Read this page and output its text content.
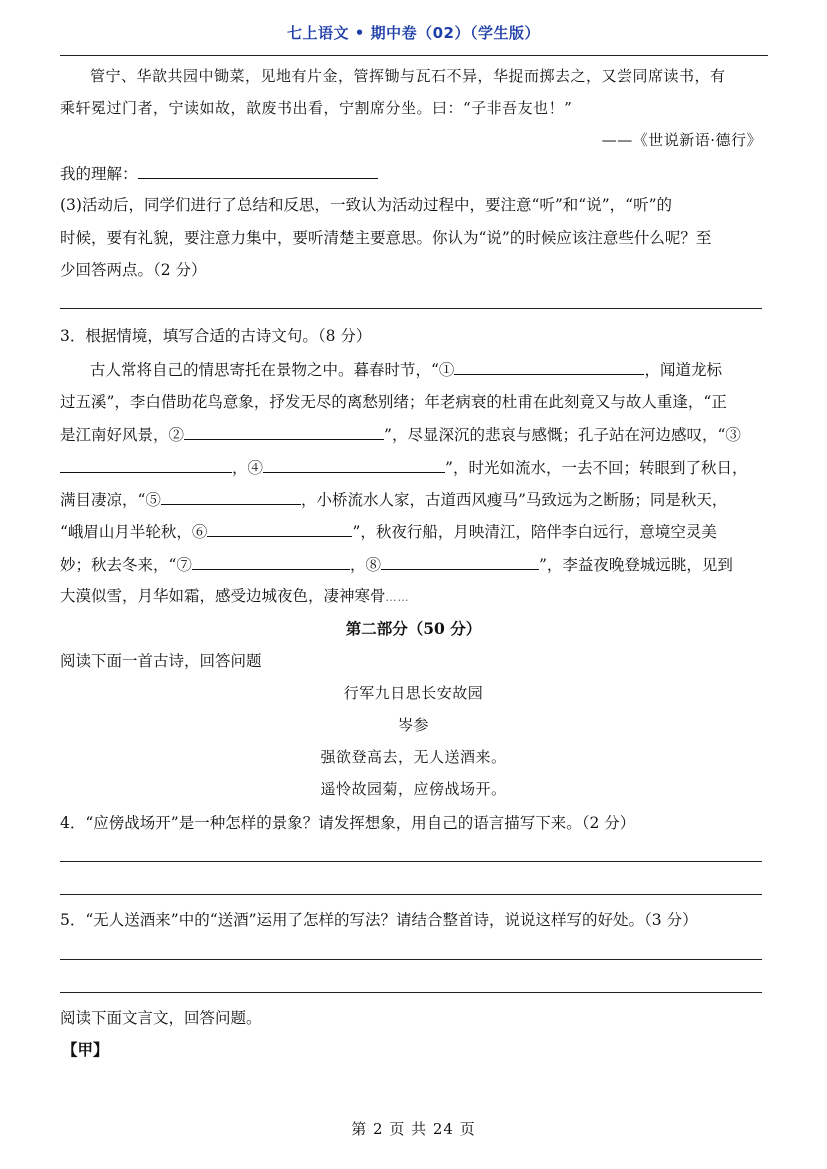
七上语文 • 期中卷（02）（学生版）
管宁、华歆共园中锄菜，见地有片金，管挥锄与瓦石不异，华捉而掷去之，又尝同席读书，有
乘轩冕过门者，宁读如故，歆废书出看，宁割席分坐。曰：“子非吾友也！”
——《世说新语·德行》
我的理解：
(3)活动后，同学们进行了总结和反思，一致认为活动过程中，要注意“听”和“说”，“听”的
时候，要有礼貌，要注意力集中，要听清楚主要意思。你认为“说”的时候应该注意些什么呢？至
少回答两点。（2 分）
3．根据情境，填写合适的古诗文句。（8 分）
古人常将自己的情思寄托在景物之中。暮春时节，“①	，闻道龙标
过五溪”，李白借助花鸟意象，抒发无尽的离愁别绪；年老病衰的杜甫在此刻竟又与故人重逢，“正
是江南好风景，②	”，尽显深沉的悲哀与感慨；孔子站在河边感叹，“③
，④	”，时光如流水，一去不回；转眼到了秋日，
满目凄凉，“⑤	，小桥流水人家，古道西风瘦马”马致远为之断肠；同是秋天，
“峨眉山月半轮秋，⑥	”，秋夜行船，月映清江，陪伴李白远行，意境空灵美
妙；秋去冬来，“⑦	，⑧	”，李益夜晚登城远眺，见到
大漠似雪，月华如霜，感受边城夜色，凄神寒骨……
第二部分（50 分）
阅读下面一首古诗，回答问题
行军九日思长安故园
岑参
强欲登高去，无人送酒来。
遥怜故园菊，应傍战场开。
4．“应傍战场开”是一种怎样的景象？请发挥想象，用自己的语言描写下来。（2 分）
5．“无人送酒来”中的“送酒”运用了怎样的写法？请结合整首诗，说说这样写的好处。（3 分）
阅读下面文言文，回答问题。
【甲】
第 2 页 共 24 页
